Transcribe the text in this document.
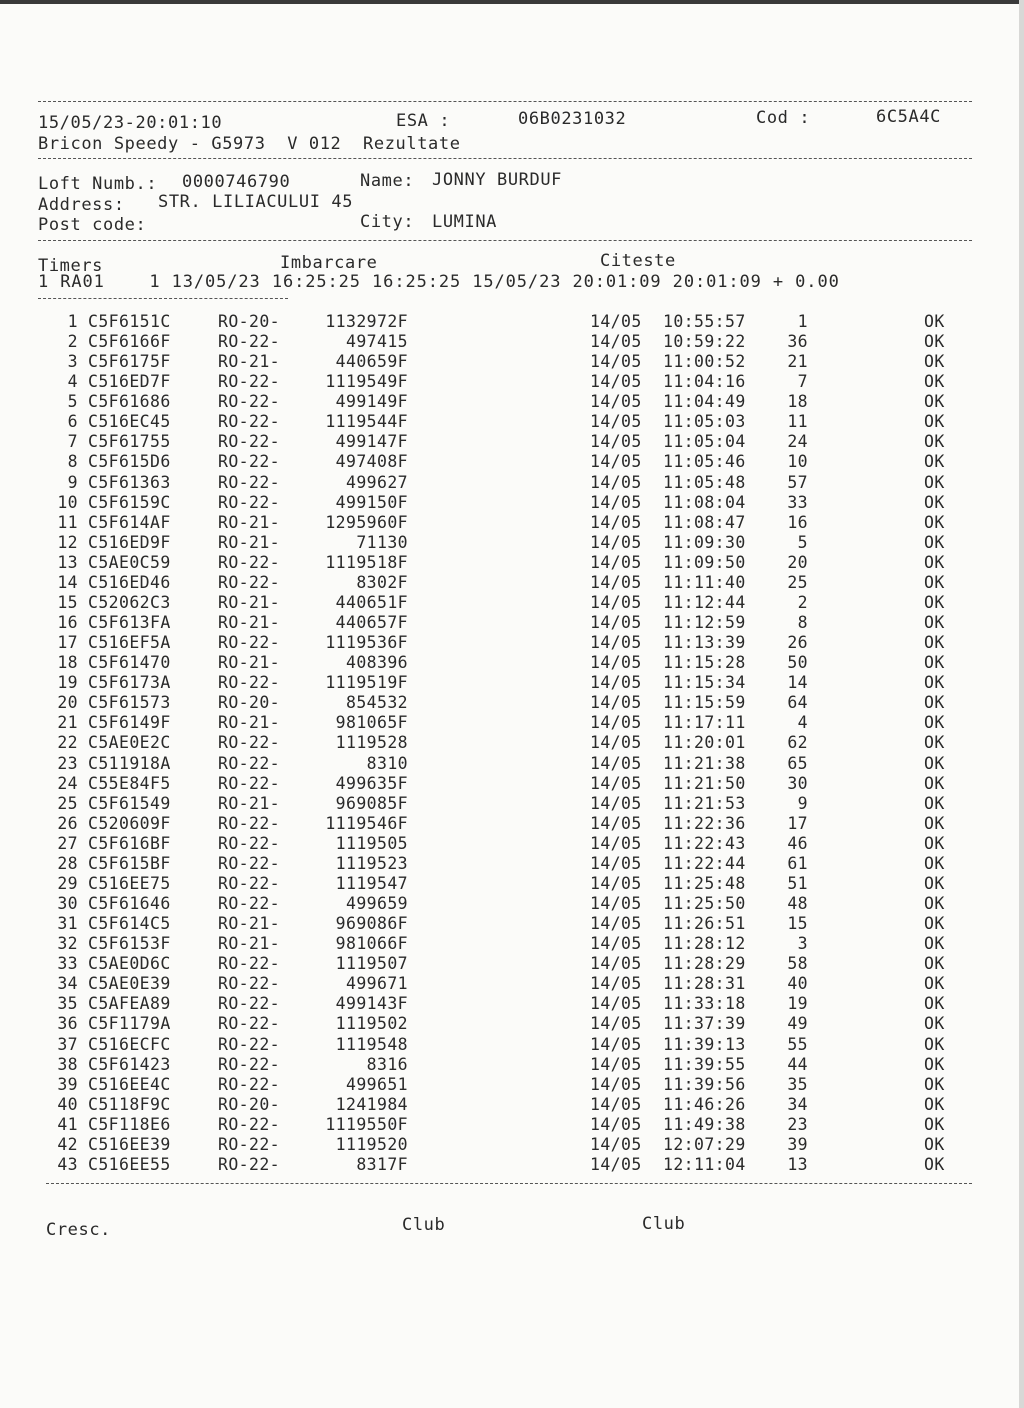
15/05/23-20:01:10	ESA :	06B0231032	Cod :	6C5A4C
Bricon Speedy - G5973  V 012  Rezultate
Loft Numb.: 0000746790	Name: JONNY BURDUF
Address: STR. LILIACULUI 45
Post code:	City: LUMINA
Timers	Imbarcare	Citeste
1 RA01    1 13/05/23 16:25:25 16:25:25 15/05/23 20:01:09 20:01:09 + 0.00
1 C5F6151C	RO-20-	1132972F	14/05 10:55:57	1	OK
2 C5F6166F	RO-22-	497415	14/05 10:59:22	36	OK
3 C5F6175F	RO-21-	440659F	14/05 11:00:52	21	OK
4 C516ED7F	RO-22-	1119549F	14/05 11:04:16	7	OK
5 C5F61686	RO-22-	499149F	14/05 11:04:49	18	OK
6 C516EC45	RO-22-	1119544F	14/05 11:05:03	11	OK
7 C5F61755	RO-22-	499147F	14/05 11:05:04	24	OK
8 C5F615D6	RO-22-	497408F	14/05 11:05:46	10	OK
9 C5F61363	RO-22-	499627	14/05 11:05:48	57	OK
10 C5F6159C	RO-22-	499150F	14/05 11:08:04	33	OK
11 C5F614AF	RO-21-	1295960F	14/05 11:08:47	16	OK
12 C516ED9F	RO-21-	71130	14/05 11:09:30	5	OK
13 C5AE0C59	RO-22-	1119518F	14/05 11:09:50	20	OK
14 C516ED46	RO-22-	8302F	14/05 11:11:40	25	OK
15 C52062C3	RO-21-	440651F	14/05 11:12:44	2	OK
16 C5F613FA	RO-21-	440657F	14/05 11:12:59	8	OK
17 C516EF5A	RO-22-	1119536F	14/05 11:13:39	26	OK
18 C5F61470	RO-21-	408396	14/05 11:15:28	50	OK
19 C5F6173A	RO-22-	1119519F	14/05 11:15:34	14	OK
20 C5F61573	RO-20-	854532	14/05 11:15:59	64	OK
21 C5F6149F	RO-21-	981065F	14/05 11:17:11	4	OK
22 C5AE0E2C	RO-22-	1119528	14/05 11:20:01	62	OK
23 C511918A	RO-22-	8310	14/05 11:21:38	65	OK
24 C55E84F5	RO-22-	499635F	14/05 11:21:50	30	OK
25 C5F61549	RO-21-	969085F	14/05 11:21:53	9	OK
26 C520609F	RO-22-	1119546F	14/05 11:22:36	17	OK
27 C5F616BF	RO-22-	1119505	14/05 11:22:43	46	OK
28 C5F615BF	RO-22-	1119523	14/05 11:22:44	61	OK
29 C516EE75	RO-22-	1119547	14/05 11:25:48	51	OK
30 C5F61646	RO-22-	499659	14/05 11:25:50	48	OK
31 C5F614C5	RO-21-	969086F	14/05 11:26:51	15	OK
32 C5F6153F	RO-21-	981066F	14/05 11:28:12	3	OK
33 C5AE0D6C	RO-22-	1119507	14/05 11:28:29	58	OK
34 C5AE0E39	RO-22-	499671	14/05 11:28:31	40	OK
35 C5AFEA89	RO-22-	499143F	14/05 11:33:18	19	OK
36 C5F1179A	RO-22-	1119502	14/05 11:37:39	49	OK
37 C516ECFC	RO-22-	1119548	14/05 11:39:13	55	OK
38 C5F61423	RO-22-	8316	14/05 11:39:55	44	OK
39 C516EE4C	RO-22-	499651	14/05 11:39:56	35	OK
40 C5118F9C	RO-20-	1241984	14/05 11:46:26	34	OK
41 C5F118E6	RO-22-	1119550F	14/05 11:49:38	23	OK
42 C516EE39	RO-22-	1119520	14/05 12:07:29	39	OK
43 C516EE55	RO-22-	8317F	14/05 12:11:04	13	OK
Cresc.	Club	Club
